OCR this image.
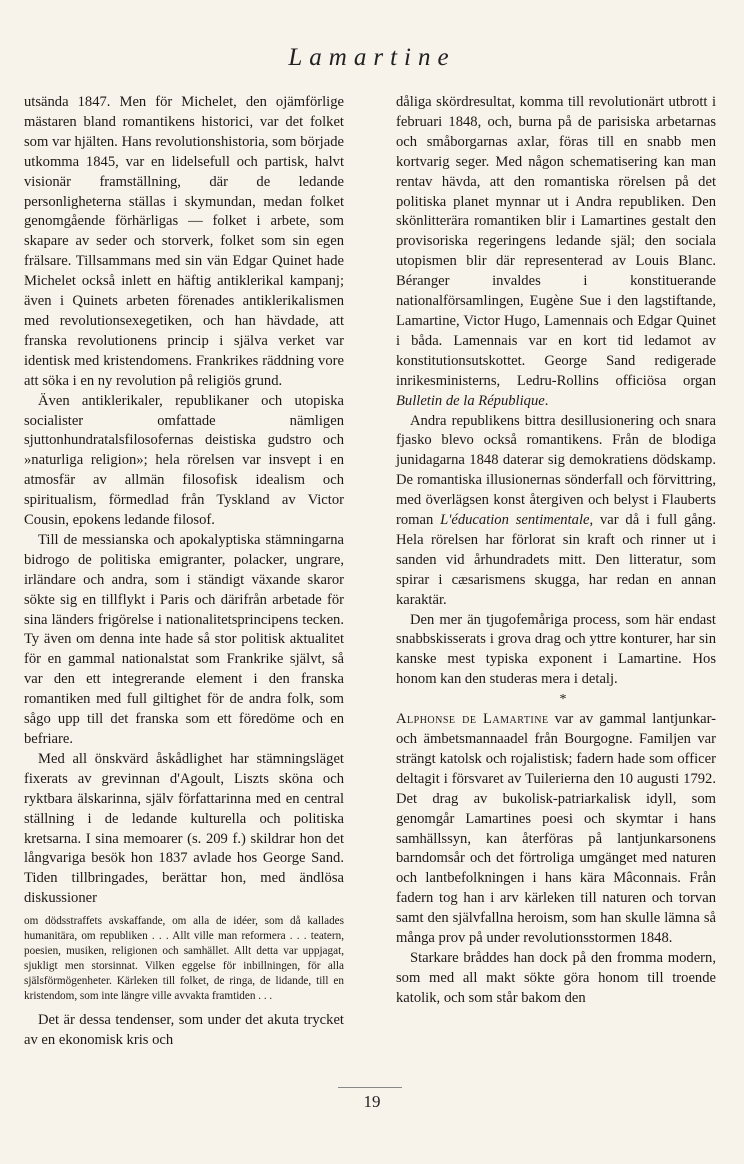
Lamartine

utsända 1847. Men för Michelet, den ojämförlige mästaren bland romantikens historici, var det folket som var hjälten. Hans revolutionshistoria, som började utkomma 1845, var en lidelsefull och partisk, halvt visionär framställning, där de ledande personligheterna ställas i skymundan, medan folket genomgående förhärligas — folket i arbete, som skapare av seder och storverk, folket som sin egen frälsare. Tillsammans med sin vän Edgar Quinet hade Michelet också inlett en häftig antiklerikal kampanj; även i Quinets arbeten förenades antiklerikalismen med revolutionsexegetiken, och han hävdade, att franska revolutionens princip i själva verket var identisk med kristendomens. Frankrikes räddning vore att söka i en ny revolution på religiös grund.

Även antiklerikaler, republikaner och utopiska socialister omfattade nämligen sjuttonhundratalsfilosofernas deistiska gudstro och »naturliga religion»; hela rörelsen var insvept i en atmosfär av allmän filosofisk idealism och spiritualism, förmedlad från Tyskland av Victor Cousin, epokens ledande filosof.

Till de messianska och apokalyptiska stämningarna bidrogo de politiska emigranter, polacker, ungrare, irländare och andra, som i ständigt växande skaror sökte sig en tillflykt i Paris och därifrån arbetade för sina länders frigörelse i nationalitetsprincipens tecken. Ty även om denna inte hade så stor politisk aktualitet för en gammal nationalstat som Frankrike självt, så var den ett integrerande element i den franska romantiken med full giltighet för de andra folk, som sågo upp till det franska som ett föredöme och en befriare.

Med all önskvärd åskådlighet har stämningsläget fixerats av grevinnan d'Agoult, Liszts sköna och ryktbara älskarinna, själv författarinna med en central ställning i de ledande kulturella och politiska kretsarna. I sina memoarer (s. 209 f.) skildrar hon det långvariga besök hon 1837 avlade hos George Sand. Tiden tillbringades, berättar hon, med ändlösa diskussioner

om dödsstraffets avskaffande, om alla de idéer, som då kallades humanitära, om republiken . . . Allt ville man reformera . . . teatern, poesien, musiken, religionen och samhället. Allt detta var uppjagat, sjukligt men storsinnat. Vilken eggelse för inbillningen, för alla själsförmögenheter. Kärleken till folket, de ringa, de lidande, till en kristendom, som inte längre ville avvakta framtiden . . .

Det är dessa tendenser, som under det akuta trycket av en ekonomisk kris och

dåliga skördresultat, komma till revolutionärt utbrott i februari 1848, och, burna på de parisiska arbetarnas och småborgarnas axlar, föras till en snabb men kortvarig seger. Med någon schematisering kan man rentav hävda, att den romantiska rörelsen på det politiska planet mynnar ut i Andra republiken. Den skönlitterära romantiken blir i Lamartines gestalt den provisoriska regeringens ledande själ; den sociala utopismen blir där representerad av Louis Blanc. Béranger invaldes i konstituerande nationalförsamlingen, Eugène Sue i den lagstiftande, Lamartine, Victor Hugo, Lamennais och Edgar Quinet i båda. Lamennais var en kort tid ledamot av konstitutionsutskottet. George Sand redigerade inrikesministerns, Ledru-Rollins officiösa organ Bulletin de la République.

Andra republikens bittra desillusionering och snara fjasko blevo också romantikens. Från de blodiga junidagarna 1848 daterar sig demokratiens dödskamp. De romantiska illusionernas sönderfall och förvittring, med överlägsen konst återgiven och belyst i Flauberts roman L'éducation sentimentale, var då i full gång. Hela rörelsen har förlorat sin kraft och rinner ut i sanden vid århundradets mitt. Den litteratur, som spirar i cæsarismens skugga, har redan en annan karaktär.

Den mer än tjugofemåriga process, som här endast snabbskisserats i grova drag och yttre konturer, har sin kanske mest typiska exponent i Lamartine. Hos honom kan den studeras mera i detalj.

*

Alphonse de Lamartine var av gammal lantjunkar- och ämbetsmannaadel från Bourgogne. Familjen var strängt katolsk och rojalistisk; fadern hade som officer deltagit i försvaret av Tuilerierna den 10 augusti 1792. Det drag av bukolisk-patriarkalisk idyll, som genomgår Lamartines poesi och skymtar i hans samhällssyn, kan återföras på lantjunkarsonens barndomsår och det förtroliga umgänget med naturen och lantbefolkningen i hans kära Mâconnais. Från fadern tog han i arv kärleken till naturen och torvan samt den självfallna heroism, som han skulle lämna så många prov på under revolutionsstormen 1848.

Starkare bråddes han dock på den fromma modern, som med all makt sökte göra honom till troende katolik, och som står bakom den

19
